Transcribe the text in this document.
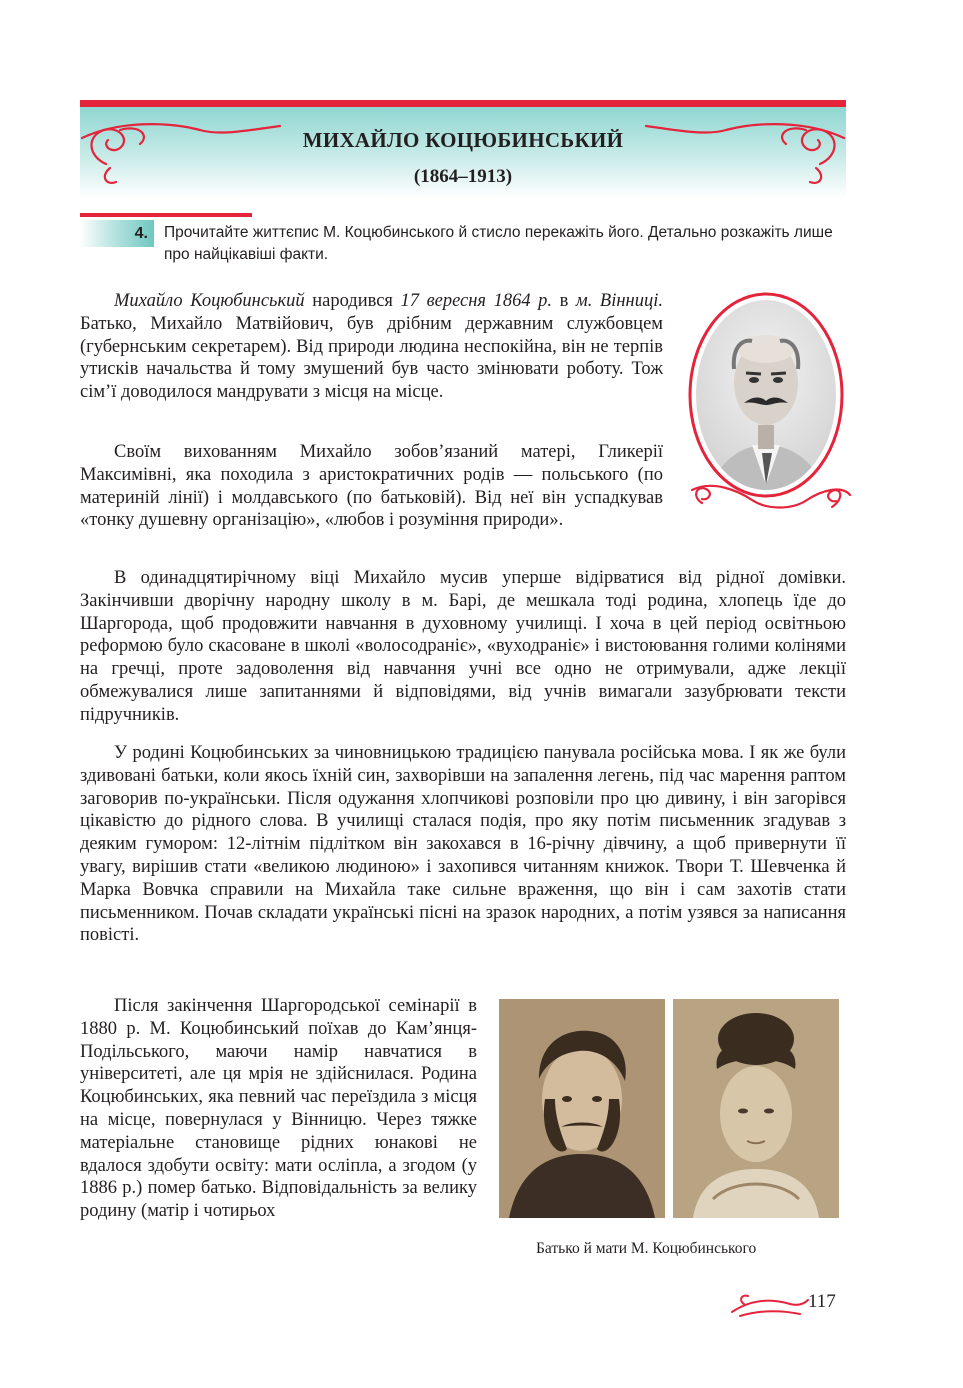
МИХАЙЛО КОЦЮБИНСЬКИЙ
(1864–1913)
4.	Прочитайте життєпис М. Коцюбинського й стисло перекажіть його. Детально розкажіть лише про найцікавіші факти.

Михайло Коцюбинський народився 17 вересня 1864 р. в м. Вінниці. Батько, Михайло Матвійович, був дрібним державним службовцем (губернським секретарем). Від природи людина неспокійна, він не терпів утисків начальства й тому змушений був часто змінювати роботу. Тож сім’ї доводилося мандрувати з місця на місце.

Своїм вихованням Михайло зобов’язаний матері, Гликерії Максимівні, яка походила з аристократичних родів — польського (по материній лінії) і молдавського (по батьковій). Від неї він успадкував «тонку душевну організацію», «любов і розуміння природи».

В одинадцятирічному віці Михайло мусив уперше відірватися від рідної домівки. Закінчивши дворічну народну школу в м. Барі, де мешкала тоді родина, хлопець їде до Шаргорода, щоб продовжити навчання в духовному училищі. І хоча в цей період освітньою реформою було скасоване в школі «волосодраніє», «вуходраніє» і вистоювання голими колінями на гречці, проте задоволення від навчання учні все одно не отримували, адже лекції обмежувалися лише запитаннями й відповідями, від учнів вимагали зазубрювати тексти підручників.

У родині Коцюбинських за чиновницькою традицією панувала російська мова. І як же були здивовані батьки, коли якось їхній син, захворівши на запалення легень, під час марення раптом заговорив по-українськи. Після одужання хлопчикові розповіли про цю дивину, і він загорівся цікавістю до рідного слова. В училищі сталася подія, про яку потім письменник згадував з деяким гумором: 12-літнім підлітком він закохався в 16-річну дівчину, а щоб привернути її увагу, вирішив стати «великою людиною» і захопився читанням книжок. Твори Т. Шевченка й Марка Вовчка справили на Михайла таке сильне враження, що він і сам захотів стати письменником. Почав складати українські пісні на зразок народних, а потім узявся за написання повісті.

Після закінчення Шаргородської семінарії в 1880 р. М. Коцюбинський поїхав до Кам’янця-Подільського, маючи намір навчатися в університеті, але ця мрія не здійснилася. Родина Коцюбинських, яка певний час переїздила з місця на місце, повернулася у Вінницю. Через тяжке матеріальне становище рідних юнакові не вдалося здобути освіту: мати осліпла, а згодом (у 1886 р.) помер батько. Відповідальність за велику родину (матір і чотирьох

Батько й мати М. Коцюбинського
117
